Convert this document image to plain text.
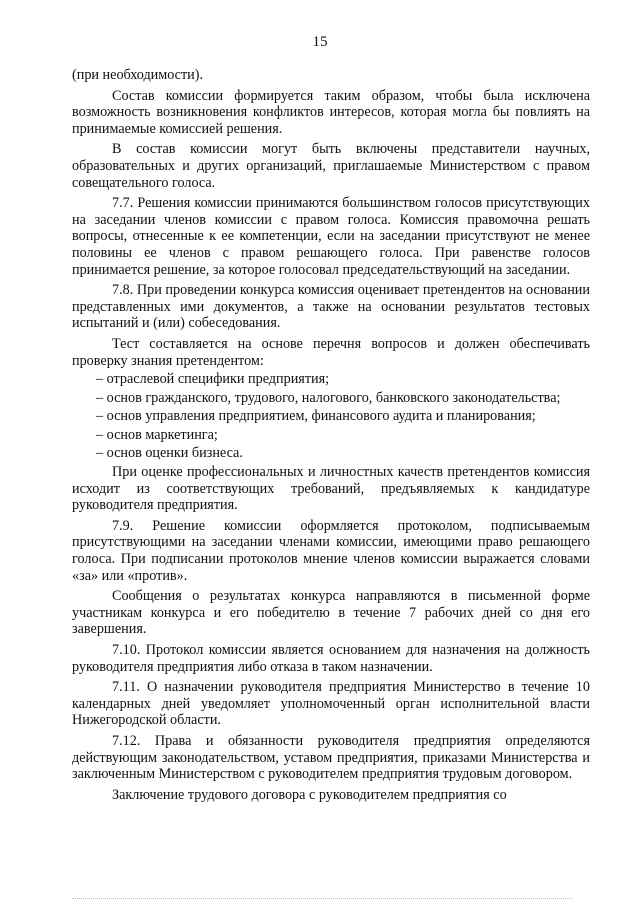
15

(при необходимости).

Состав комиссии формируется таким образом, чтобы была исключена возможность возникновения конфликтов интересов, которая могла бы повлиять на принимаемые комиссией решения.

В состав комиссии могут быть включены представители научных, образовательных и других организаций, приглашаемые Министерством с правом совещательного голоса.

7.7. Решения комиссии принимаются большинством голосов присутствующих на заседании членов комиссии с правом голоса. Комиссия правомочна решать вопросы, отнесенные к ее компетенции, если на заседании присутствуют не менее половины ее членов с правом решающего голоса. При равенстве голосов принимается решение, за которое голосовал председательствующий на заседании.

7.8. При проведении конкурса комиссия оценивает претендентов на основании представленных ими документов, а также на основании результатов тестовых испытаний и (или) собеседования.

Тест составляется на основе перечня вопросов и должен обеспечивать проверку знания претендентом:

– отраслевой специфики предприятия;

– основ гражданского, трудового, налогового, банковского законодательства;

– основ управления предприятием, финансового аудита и планирования;

– основ маркетинга;

– основ оценки бизнеса.

При оценке профессиональных и личностных качеств претендентов комиссия исходит из соответствующих требований, предъявляемых к кандидатуре руководителя предприятия.

7.9. Решение комиссии оформляется протоколом, подписываемым присутствующими на заседании членами комиссии, имеющими право решающего голоса. При подписании протоколов мнение членов комиссии выражается словами «за» или «против».

Сообщения о результатах конкурса направляются в письменной форме участникам конкурса и его победителю в течение 7 рабочих дней со дня его завершения.

7.10. Протокол комиссии является основанием для назначения на должность руководителя предприятия либо отказа в таком назначении.

7.11. О назначении руководителя предприятия Министерство в течение 10 календарных дней уведомляет уполномоченный орган исполнительной власти Нижегородской области.

7.12. Права и обязанности руководителя предприятия определяются действующим законодательством, уставом предприятия, приказами Министерства и заключенным Министерством с руководителем предприятия трудовым договором.

Заключение трудового договора с руководителем предприятия со
